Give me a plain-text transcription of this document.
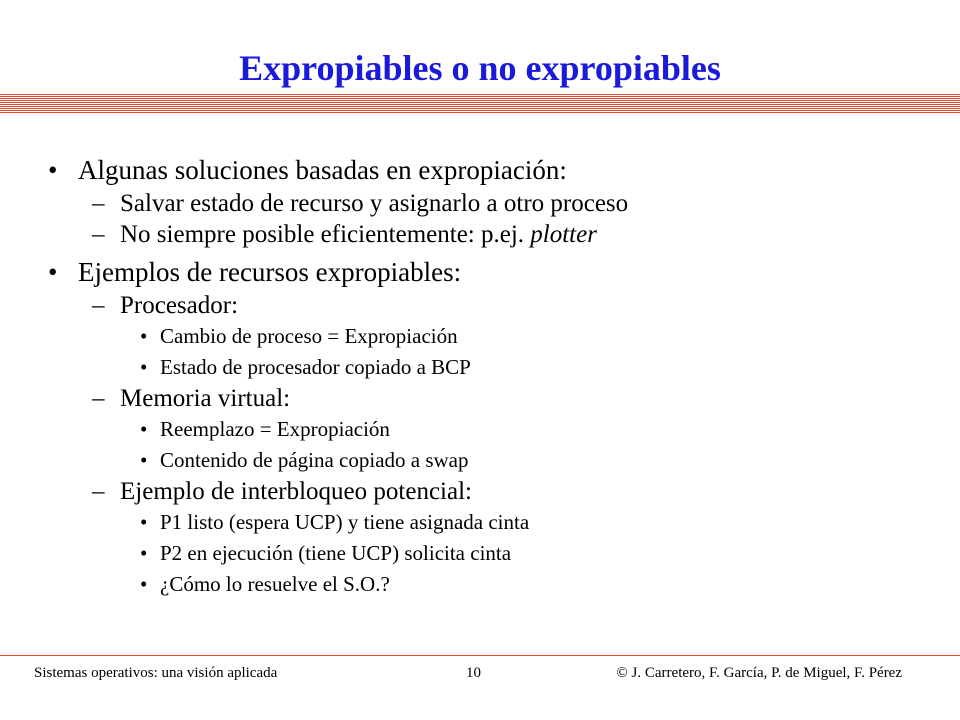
Expropiables o no expropiables
• Algunas soluciones basadas en expropiación:
– Salvar estado de recurso y asignarlo a otro proceso
– No siempre posible eficientemente: p.ej. plotter
• Ejemplos de recursos expropiables:
– Procesador:
• Cambio de proceso = Expropiación
• Estado de procesador copiado a BCP
– Memoria virtual:
• Reemplazo = Expropiación
• Contenido de página copiado a swap
– Ejemplo de interbloqueo potencial:
• P1 listo (espera UCP) y tiene asignada cinta
• P2 en ejecución (tiene UCP) solicita cinta
• ¿Cómo lo resuelve el S.O.?
Sistemas operativos: una visión aplicada	10	© J. Carretero, F. García, P. de Miguel, F. Pérez
